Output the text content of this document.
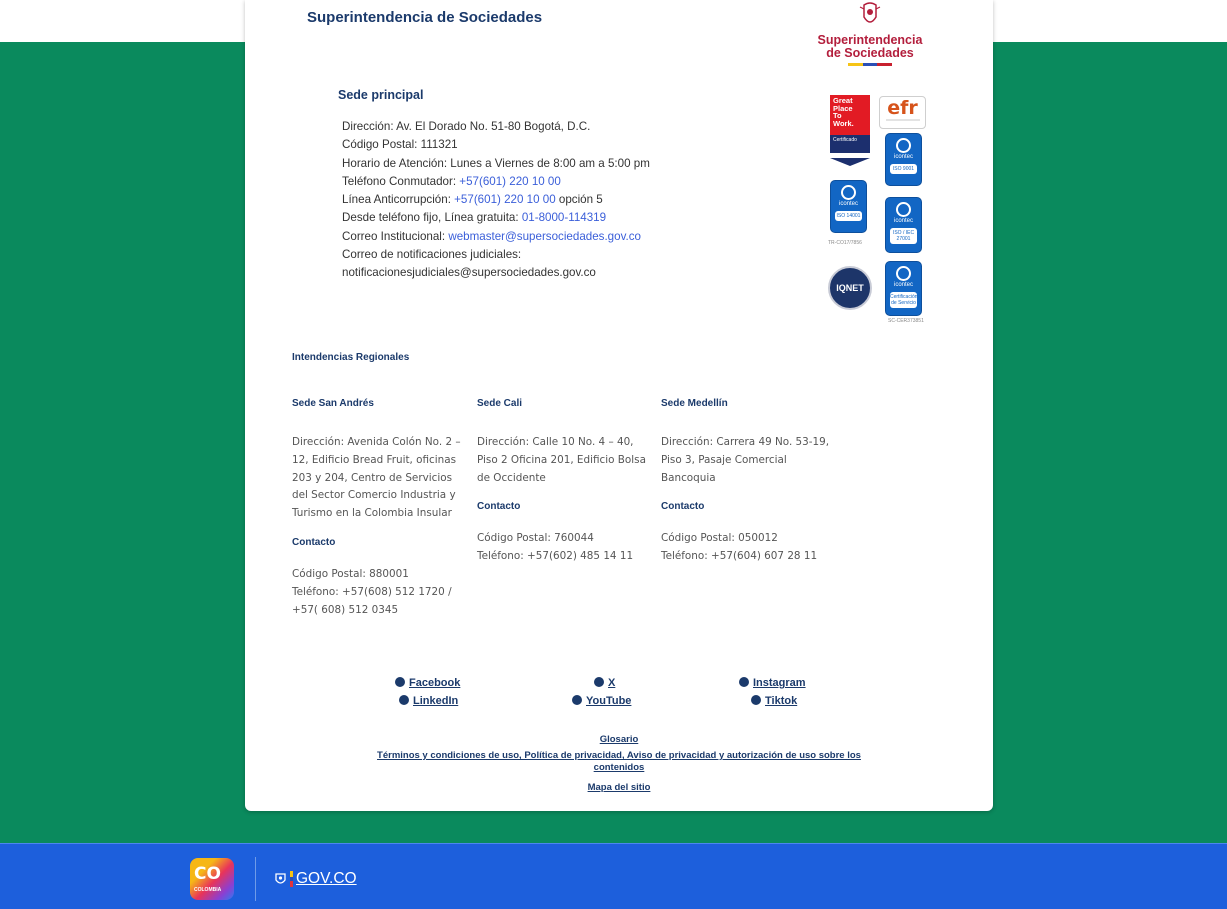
Superintendencia de Sociedades
Superintendencia
de Sociedades
Sede principal
Dirección: Av. El Dorado No. 51-80 Bogotá, D.C.
Código Postal: 111321
Horario de Atención: Lunes a Viernes de 8:00 am a 5:00 pm
Teléfono Conmutador: +57(601) 220 10 00
Línea Anticorrupción: +57(601) 220 10 00 opción 5
Desde teléfono fijo, Línea gratuita: 01-8000-114319
Correo Institucional: webmaster@supersociedades.gov.co
Correo de notificaciones judiciales:
notificacionesjudiciales@supersociedades.gov.co
Great
Place
To
Work.
Certificado
efr
icontec
ISO 9001
icontec
ISO 14001
TR-CO17/7856
icontec
ISO / IEC 27001
IQNET	icontec
Certificación de Servicio
SC-CER373851
Intendencias Regionales
Sede San Andrés

Dirección: Avenida Colón No. 2 – 12, Edificio Bread Fruit, oficinas 203 y 204, Centro de Servicios del Sector Comercio Industria y Turismo en la Colombia Insular

Contacto

Código Postal: 880001

Teléfono: +57(608) 512 1720 / +57( 608) 512 0345

Sede Cali

Dirección: Calle 10 No. 4 – 40, Piso 2 Oficina 201, Edificio Bolsa de Occidente

Contacto

Código Postal: 760044

Teléfono: +57(602) 485 14 11

Sede Medellín

Dirección: Carrera 49 No. 53-19, Piso 3, Pasaje Comercial Bancoquia

Contacto

Código Postal: 050012

Teléfono: +57(604) 607 28 11

Facebook	X	Instagram
LinkedIn	YouTube	Tiktok
Glosario
Términos y condiciones de uso, Política de privacidad, Aviso de privacidad y autorización de uso sobre los contenidos
Mapa del sitio
CO
COLOMBIA
GOV.CO
